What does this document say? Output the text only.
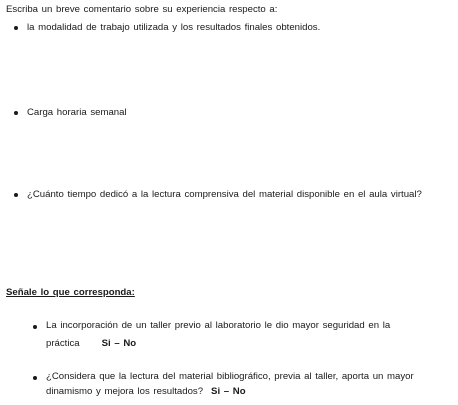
Escriba un breve comentario sobre su experiencia respecto a:
la modalidad de trabajo utilizada y los resultados finales obtenidos.
Carga horaria semanal
¿Cuánto tiempo dedicó a la lectura comprensiva del material disponible en el aula virtual?
Señale lo que corresponda:
La incorporación de un taller previo al laboratorio le dio mayor seguridad en la
práctica Si – No
¿Considera que la lectura del material bibliográfico, previa al taller, aporta un mayor
dinamismo y mejora los resultados? Si – No
